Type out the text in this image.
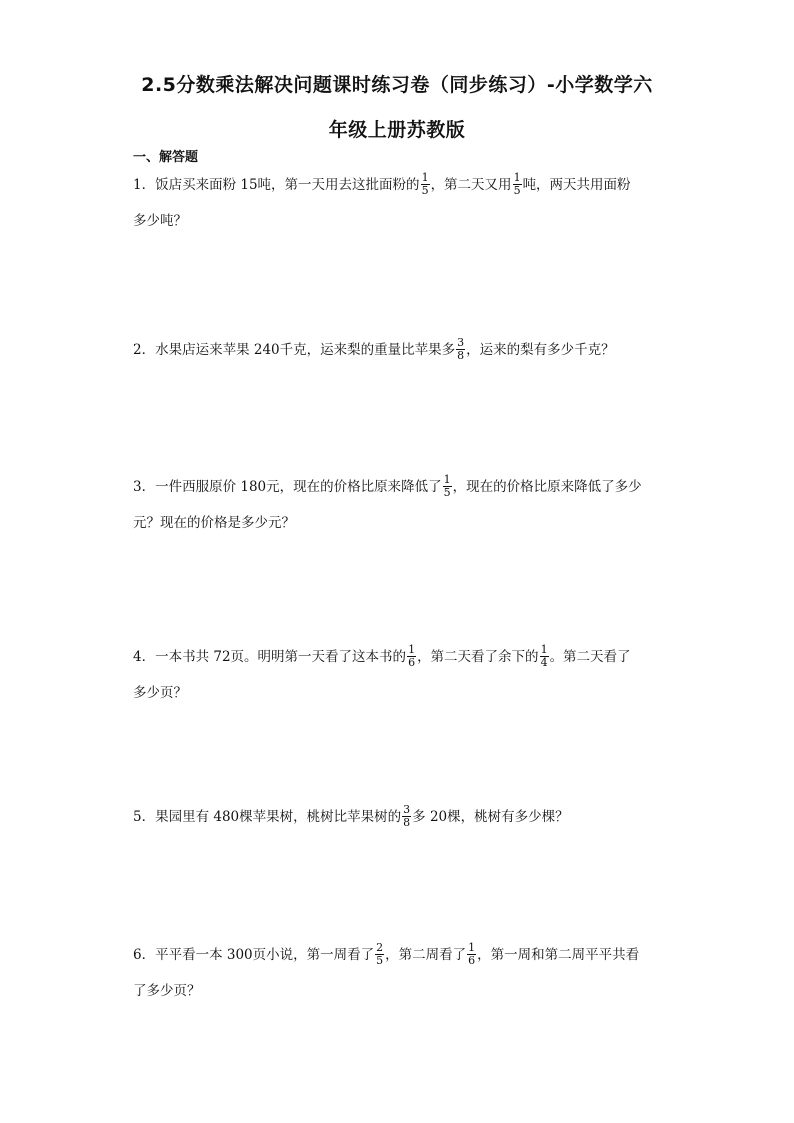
2.5分数乘法解决问题课时练习卷（同步练习）-小学数学六
年级上册苏教版
一、解答题
1．饭店买来面粉 15吨，第一天用去这批面粉的 $\frac{1}{5}$ ，第二天又用 $\frac{1}{5}$ 吨，两天共用面粉
多少吨？
2．水果店运来苹果 240千克，运来梨的重量比苹果多 $\frac{3}{8}$ ，运来的梨有多少千克？
3．一件西服原价 180元，现在的价格比原来降低了 $\frac{1}{5}$ ，现在的价格比原来降低了多少
元？现在的价格是多少元？
4．一本书共 72页。明明第一天看了这本书的 $\frac{1}{6}$ ，第二天看了余下的 $\frac{1}{4}$ 。第二天看了
多少页？
5．果园里有 480棵苹果树，桃树比苹果树的 $\frac{3}{8}$ 多 20棵，桃树有多少棵？
6．平平看一本 300页小说，第一周看了 $\frac{2}{5}$ ，第二周看了 $\frac{1}{6}$ ，第一周和第二周平平共看
了多少页？
